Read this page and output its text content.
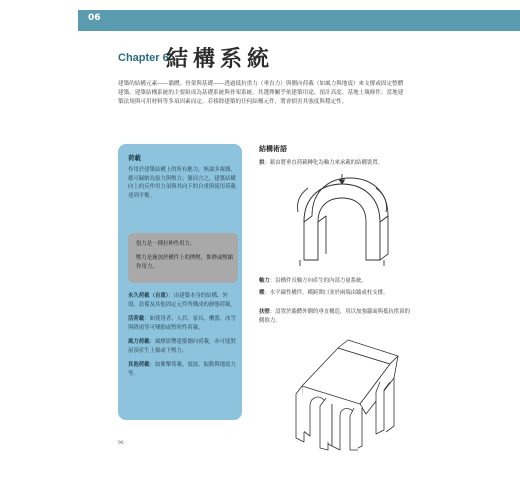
06
Chapter 6
結構系統
建築的結構元素——牆體、骨架與基礎——透過抵抗重力（垂直力）與側向荷載（如風力與地震）來支撐或固定整體建築。建築結構系統的主要組成為基礎系統與骨架系統。其選擇關乎依建築用途、預計高度、基地土壤條件、當地建築法規與可用材料等多項因素而定。若移除建築的任何結構元件，將會損害其強度與穩定性。
荷載
作用於建築結構上的所有應力，無論多複雜，都可歸納為張力與壓力；簡而言之，建築結構向上的反作用力須與其向下的自重與使用荷載達到平衡。
張力是一種拉伸作用力。
壓力是施加於構件上的擠壓，推擠或壓縮作用力。

永久荷載（自重）：由建築本身的結構、外殼、設備及其他固定元件所構成的靜態荷載。

活荷載：如使用者、人員、家具、機器、冰雪與降雨等可變動或暫時性荷載。

風力荷載：風壓影響建築側向荷載，亦可能對屋頂產生上揚或下壓力。

其他荷載：如衝擊荷載、震波、振動與地震力等。

結構術語
拱：藉由將垂直荷載轉化為軸力來承載的結構裝置。
軸力：沿構件長軸方向產生的內部力量系統。
樑：水平線性構件，橫跨開口並於兩端由牆或柱支撐。
扶壁：設置於牆體外側的垂直構造，用以加強牆面與抵抗拱頂的側推力。
96
